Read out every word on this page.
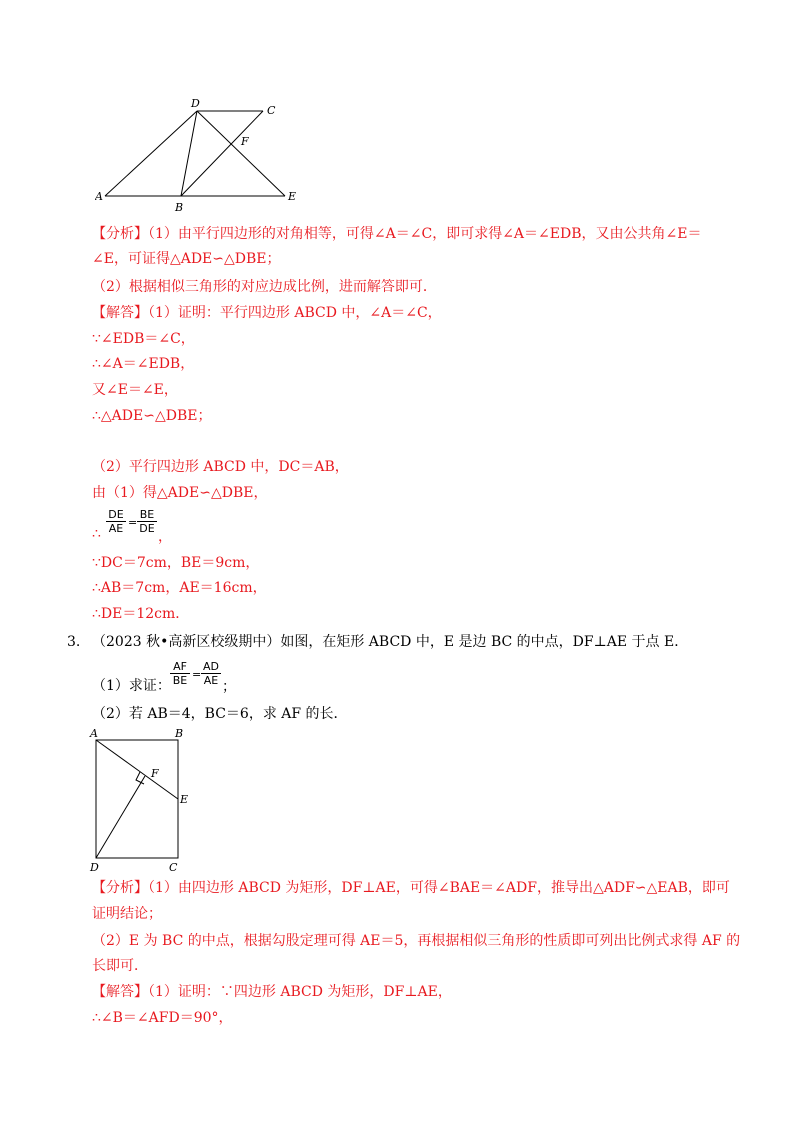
D
C
F
A
B
E
【分析】（1）由平行四边形的对角相等，可得∠A＝∠C，即可求得∠A＝∠EDB，又由公共角∠E＝
∠E，可证得△ADE∽△DBE；
（2）根据相似三角形的对应边成比例，进而解答即可．
【解答】（1）证明：平行四边形 ABCD 中，∠A＝∠C，
∵∠EDB＝∠C，
∴∠A＝∠EDB，
又∠E＝∠E，
∴△ADE∽△DBE；
（2）平行四边形 ABCD 中，DC＝AB，
由（1）得△ADE∽△DBE，
∴
DE
AE =
BE
DE
，
∵DC＝7cm，BE＝9cm，
∴AB＝7cm，AE＝16cm，
∴DE＝12cm．
3. （2023 秋•高新区校级期中）如图，在矩形 ABCD 中，E 是边 BC 的中点，DF⊥AE 于点 E．
（1）求证：
AF
BE =
AD
AE ；
（2）若 AB＝4，BC＝6，求 AF 的长．
A	B
F
E
D	C
【分析】（1）由四边形 ABCD 为矩形，DF⊥AE，可得∠BAE＝∠ADF，推导出△ADF∽△EAB，即可
证明结论；
（2）E 为 BC 的中点，根据勾股定理可得 AE＝5，再根据相似三角形的性质即可列出比例式求得 AF 的
长即可．
【解答】（1）证明：∵四边形 ABCD 为矩形，DF⊥AE，
∴∠B＝∠AFD＝90°，
